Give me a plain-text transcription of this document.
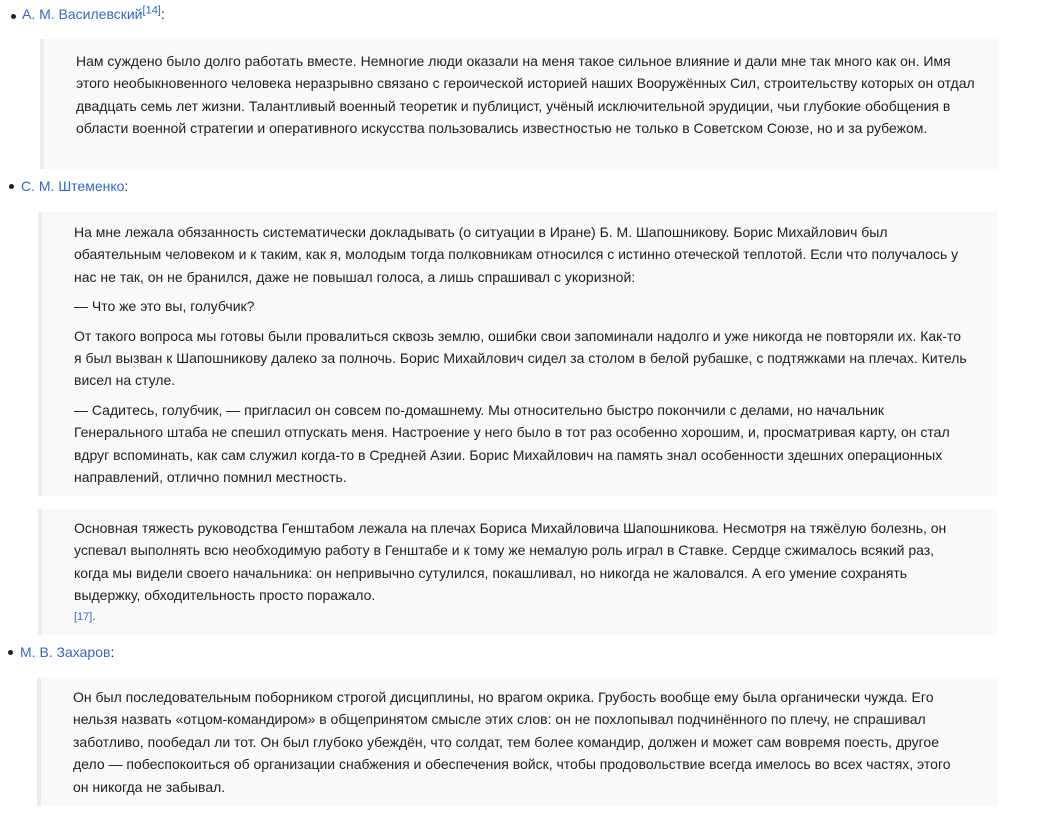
А. М. Василевский[14]:

Нам суждено было долго работать вместе. Немногие люди оказали на меня такое сильное влияние и дали мне так много как он. Имя этого необыкновенного человека неразрывно связано с героической историей наших Вооружённых Сил, строительству которых он отдал двадцать семь лет жизни. Талантливый военный теоретик и публицист, учёный исключительной эрудиции, чьи глубокие обобщения в области военной стратегии и оперативного искусства пользовались известностью не только в Советском Союзе, но и за рубежом.

С. М. Штеменко:

На мне лежала обязанность систематически докладывать (о ситуации в Иране) Б. М. Шапошникову. Борис Михайлович был обаятельным человеком и к таким, как я, молодым тогда полковникам относился с истинно отеческой теплотой. Если что получалось у нас не так, он не бранился, даже не повышал голоса, а лишь спрашивал с укоризной:

— Что же это вы, голубчик?

От такого вопроса мы готовы были провалиться сквозь землю, ошибки свои запоминали надолго и уже никогда не повторяли их. Как-то я был вызван к Шапошникову далеко за полночь. Борис Михайлович сидел за столом в белой рубашке, с подтяжками на плечах. Китель висел на стуле.

— Садитесь, голубчик, — пригласил он совсем по-домашнему. Мы относительно быстро покончили с делами, но начальник Генерального штаба не спешил отпускать меня. Настроение у него было в тот раз особенно хорошим, и, просматривая карту, он стал вдруг вспоминать, как сам служил когда-то в Средней Азии. Борис Михайлович на память знал особенности здешних операционных направлений, отлично помнил местность.

Основная тяжесть руководства Генштабом лежала на плечах Бориса Михайловича Шапошникова. Несмотря на тяжёлую болезнь, он успевал выполнять всю необходимую работу в Генштабе и к тому же немалую роль играл в Ставке. Сердце сжималось всякий раз, когда мы видели своего начальника: он непривычно сутулился, покашливал, но никогда не жаловался. А его умение сохранять выдержку, обходительность просто поражало.

[17].
М. В. Захаров:

Он был последовательным поборником строгой дисциплины, но врагом окрика. Грубость вообще ему была органически чужда. Его нельзя назвать «отцом-командиром» в общепринятом смысле этих слов: он не похлопывал подчинённого по плечу, не спрашивал заботливо, пообедал ли тот. Он был глубоко убеждён, что солдат, тем более командир, должен и может сам вовремя поесть, другое дело — побеспокоиться об организации снабжения и обеспечения войск, чтобы продовольствие всегда имелось во всех частях, этого он никогда не забывал.
